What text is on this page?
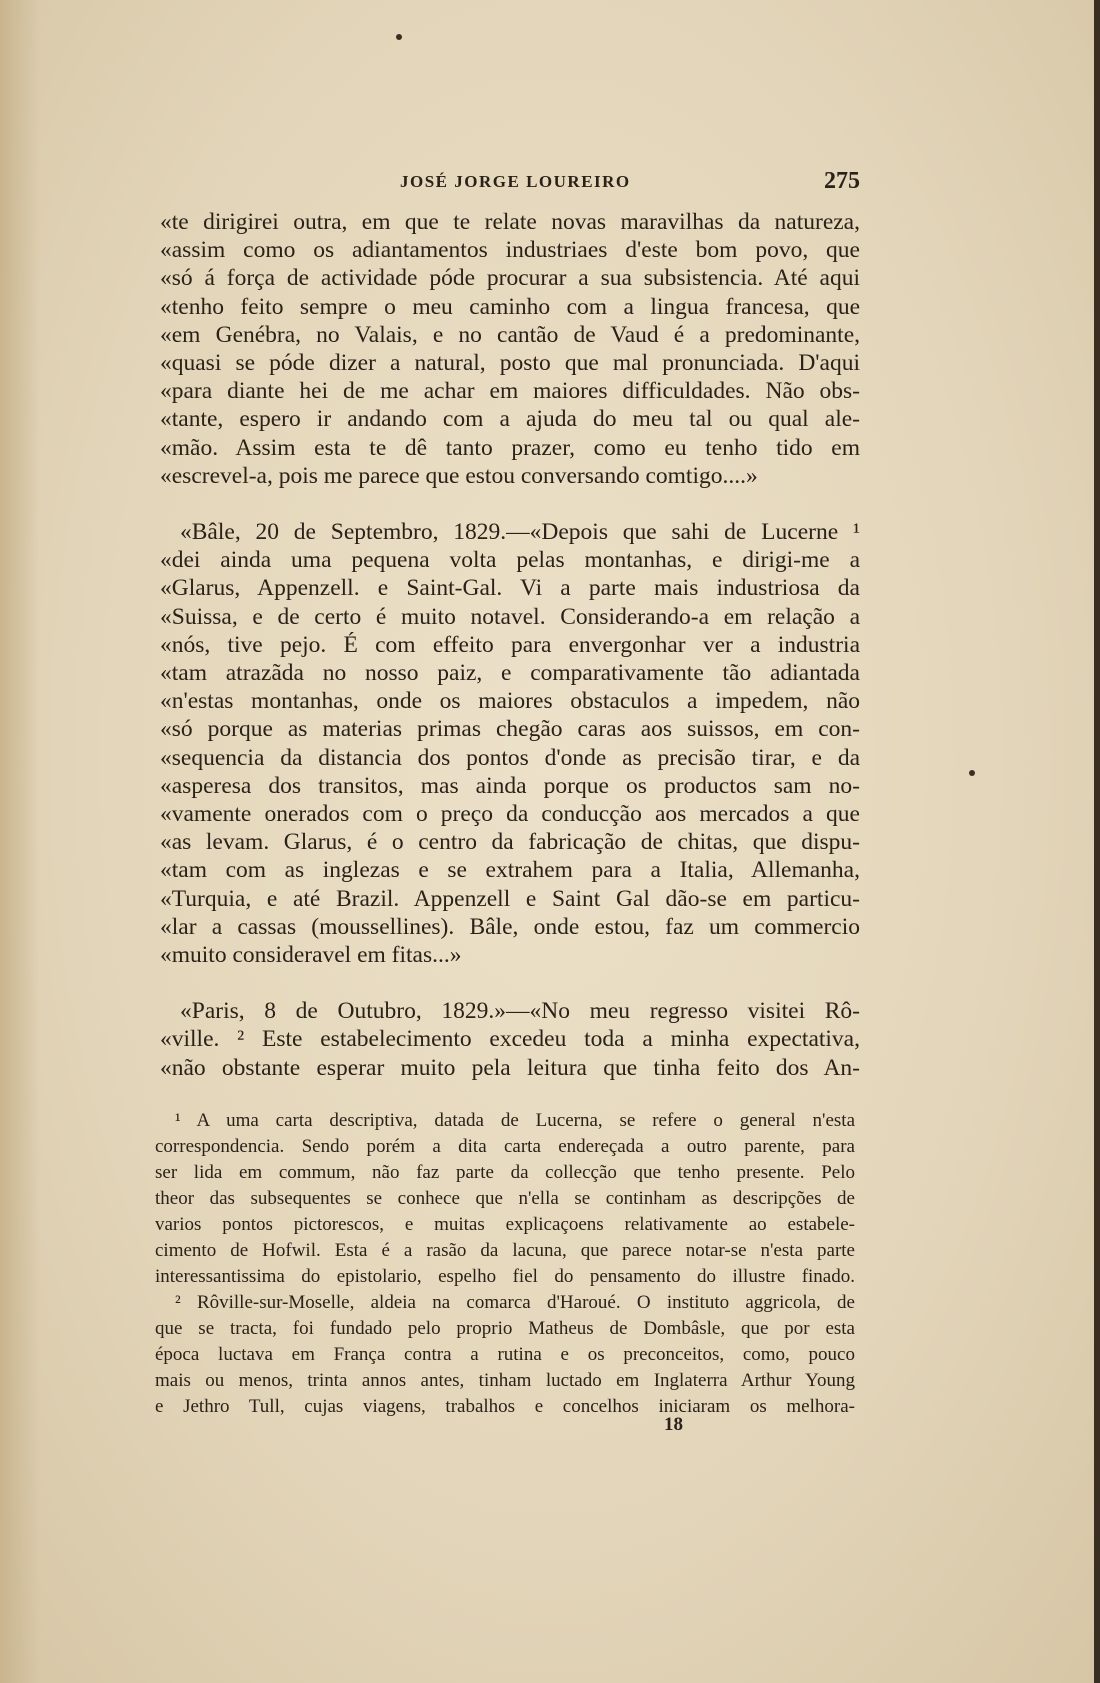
JOSÉ JORGE LOUREIRO	275

«te dirigirei outra, em que te relate novas maravilhas da natureza,
«assim como os adiantamentos industriaes d'este bom povo, que
«só á força de actividade póde procurar a sua subsistencia. Até aqui
«tenho feito sempre o meu caminho com a lingua francesa, que
«em Genébra, no Valais, e no cantão de Vaud é a predominante,
«quasi se póde dizer a natural, posto que mal pronunciada. D'aqui
«para diante hei de me achar em maiores difficuldades. Não obs-
«tante, espero ir andando com a ajuda do meu tal ou qual ale-
«mão. Assim esta te dê tanto prazer, como eu tenho tido em
«escrevel-a, pois me parece que estou conversando comtigo....»

«Bâle, 20 de Septembro, 1829.—«Depois que sahi de Lucerne ¹
«dei ainda uma pequena volta pelas montanhas, e dirigi-me a
«Glarus, Appenzell. e Saint-Gal. Vi a parte mais industriosa da
«Suissa, e de certo é muito notavel. Considerando-a em relação a
«nós, tive pejo. É com effeito para envergonhar ver a industria
«tam atrazãda no nosso paiz, e comparativamente tão adiantada
«n'estas montanhas, onde os maiores obstaculos a impedem, não
«só porque as materias primas chegão caras aos suissos, em con-
«sequencia da distancia dos pontos d'onde as precisão tirar, e da
«asperesa dos transitos, mas ainda porque os productos sam no-
«vamente onerados com o preço da conducção aos mercados a que
«as levam. Glarus, é o centro da fabricação de chitas, que dispu-
«tam com as inglezas e se extrahem para a Italia, Allemanha,
«Turquia, e até Brazil. Appenzell e Saint Gal dão-se em particu-
«lar a cassas (moussellines). Bâle, onde estou, faz um commercio
«muito consideravel em fitas...»

«Paris, 8 de Outubro, 1829.»—«No meu regresso visitei Rô-
«ville. ² Este estabelecimento excedeu toda a minha expectativa,
«não obstante esperar muito pela leitura que tinha feito dos An-

¹ A uma carta descriptiva, datada de Lucerna, se refere o general n'esta
correspondencia. Sendo porém a dita carta endereçada a outro parente, para
ser lida em commum, não faz parte da collecção que tenho presente. Pelo
theor das subsequentes se conhece que n'ella se continham as descripções de
varios pontos pictorescos, e muitas explicaçoens relativamente ao estabele-
cimento de Hofwil. Esta é a rasão da lacuna, que parece notar-se n'esta parte
interessantissima do epistolario, espelho fiel do pensamento do illustre finado.
² Rôville-sur-Moselle, aldeia na comarca d'Haroué. O instituto aggricola, de
que se tracta, foi fundado pelo proprio Matheus de Dombâsle, que por esta
época luctava em França contra a rutina e os preconceitos, como, pouco
mais ou menos, trinta annos antes, tinham luctado em Inglaterra Arthur Young
e Jethro Tull, cujas viagens, trabalhos e concelhos iniciaram os melhora-
18
